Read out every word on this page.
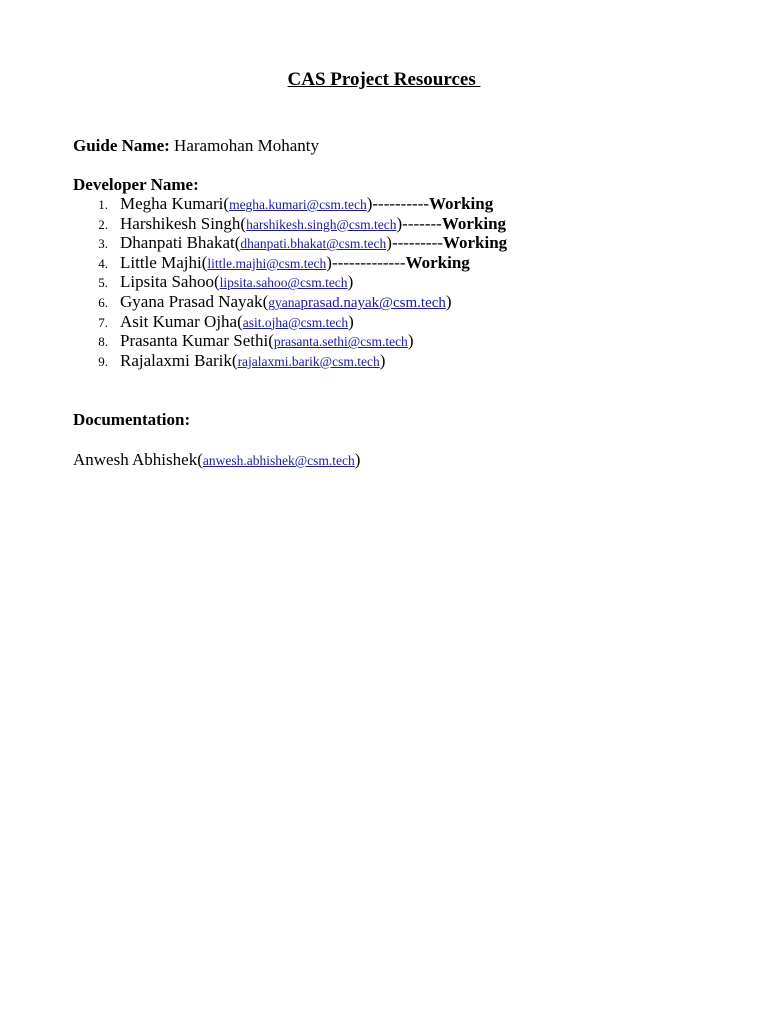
CAS Project Resources
Guide Name: Haramohan Mohanty
Developer Name:
1. Megha Kumari(megha.kumari@csm.tech)----------Working
2. Harshikesh Singh(harshikesh.singh@csm.tech)-------Working
3. Dhanpati Bhakat(dhanpati.bhakat@csm.tech)---------Working
4. Little Majhi(little.majhi@csm.tech)-------------Working
5. Lipsita Sahoo(lipsita.sahoo@csm.tech)
6. Gyana Prasad Nayak(gyanaprasad.nayak@csm.tech)
7. Asit Kumar Ojha(asit.ojha@csm.tech)
8. Prasanta Kumar Sethi(prasanta.sethi@csm.tech)
9. Rajalaxmi Barik(rajalaxmi.barik@csm.tech)
Documentation:
Anwesh Abhishek(anwesh.abhishek@csm.tech)
